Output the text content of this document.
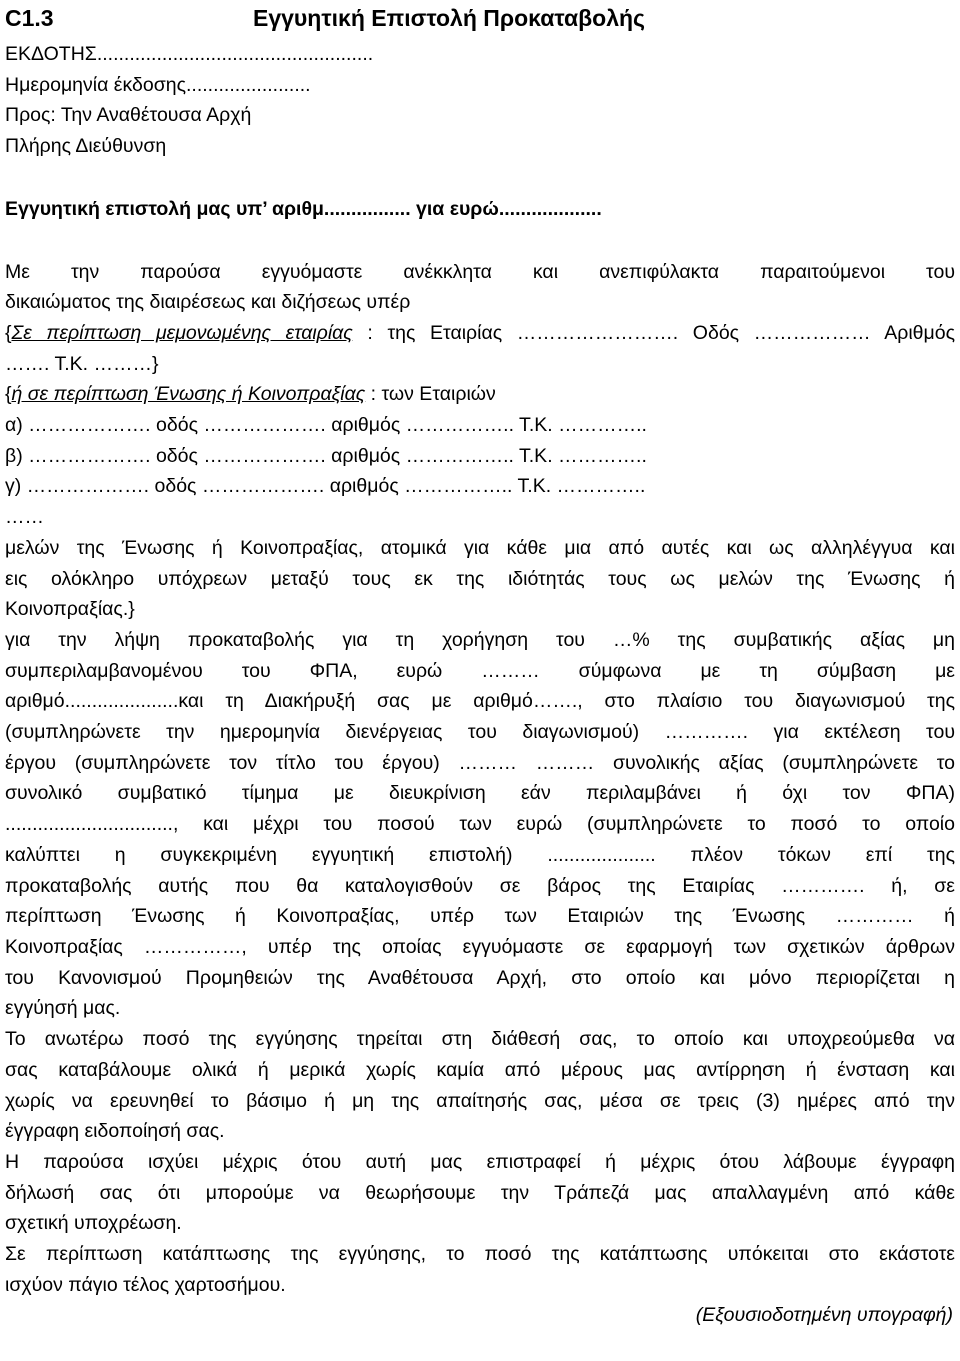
C1.3	Εγγυητική Επιστολή Προκαταβολής
ΕΚΔΟΤΗΣ...................................................
Ημερομηνία έκδοσης.......................
Προς: Την Αναθέτουσα Αρχή
Πλήρης Διεύθυνση
Εγγυητική επιστολή μας υπ’ αριθμ................ για ευρώ...................
Με την παρούσα εγγυόμαστε ανέκκλητα και ανεπιφύλακτα παραιτούμενοι του
δικαιώματος της διαιρέσεως και διζήσεως υπέρ
{Σε περίπτωση μεμονωμένης εταιρίας : της Εταιρίας ……………………. Οδός ……………… Αριθμός
……. Τ.Κ. ………}
{ή σε περίπτωση Ένωσης ή Κοινοπραξίας : των Εταιριών
α) ………………. οδός ………………. αριθμός …………….. Τ.Κ. …………..
β) ………………. οδός ………………. αριθμός …………….. Τ.Κ. …………..
γ) ………………. οδός ………………. αριθμός …………….. Τ.Κ. …………..
……
μελών της Ένωσης ή Κοινοπραξίας, ατομικά για κάθε μια από αυτές και ως αλληλέγγυα και
εις ολόκληρο υπόχρεων μεταξύ τους εκ της ιδιότητάς τους ως μελών της Ένωσης ή
Κοινοπραξίας.}
για την λήψη προκαταβολής για τη χορήγηση του …% της συμβατικής αξίας μη
συμπεριλαμβανομένου του ΦΠΑ, ευρώ ……… σύμφωνα με τη σύμβαση με
αριθμό.....................και τη Διακήρυξή σας με αριθμό……., στο πλαίσιο του διαγωνισμού της
(συμπληρώνετε την ημερομηνία διενέργειας του διαγωνισμού) …………. για εκτέλεση του
έργου (συμπληρώνετε τον τίτλο του έργου) ……… ……… συνολικής αξίας (συμπληρώνετε το
συνολικό συμβατικό τίμημα με διευκρίνιση εάν περιλαμβάνει ή όχι τον ΦΠΑ)
..............................., και μέχρι του ποσού των ευρώ (συμπληρώνετε το ποσό το οποίο
καλύπτει η συγκεκριμένη εγγυητική επιστολή) .................... πλέον τόκων επί της
προκαταβολής αυτής που θα καταλογισθούν σε βάρος της Εταιρίας …………. ή, σε
περίπτωση Ένωσης ή Κοινοπραξίας, υπέρ των Εταιριών της Ένωσης ………… ή
Κοινοπραξίας ……………, υπέρ της οποίας εγγυόμαστε σε εφαρμογή των σχετικών άρθρων
του Κανονισμού Προμηθειών της Αναθέτουσα Αρχή, στο οποίο και μόνο περιορίζεται η
εγγύησή μας.
Το ανωτέρω ποσό της εγγύησης τηρείται στη διάθεσή σας, το οποίο και υποχρεούμεθα να
σας καταβάλουμε ολικά ή μερικά χωρίς καμία από μέρους μας αντίρρηση ή ένσταση και
χωρίς να ερευνηθεί το βάσιμο ή μη της απαίτησής σας, μέσα σε τρεις (3) ημέρες από την
έγγραφη ειδοποίησή σας.
Η παρούσα ισχύει μέχρις ότου αυτή μας επιστραφεί ή μέχρις ότου λάβουμε έγγραφη
δήλωσή σας ότι μπορούμε να θεωρήσουμε την Τράπεζά μας απαλλαγμένη από κάθε
σχετική υποχρέωση.
Σε περίπτωση κατάπτωσης της εγγύησης, το ποσό της κατάπτωσης υπόκειται στο εκάστοτε
ισχύον πάγιο τέλος χαρτοσήμου.
(Εξουσιοδοτημένη υπογραφή)
